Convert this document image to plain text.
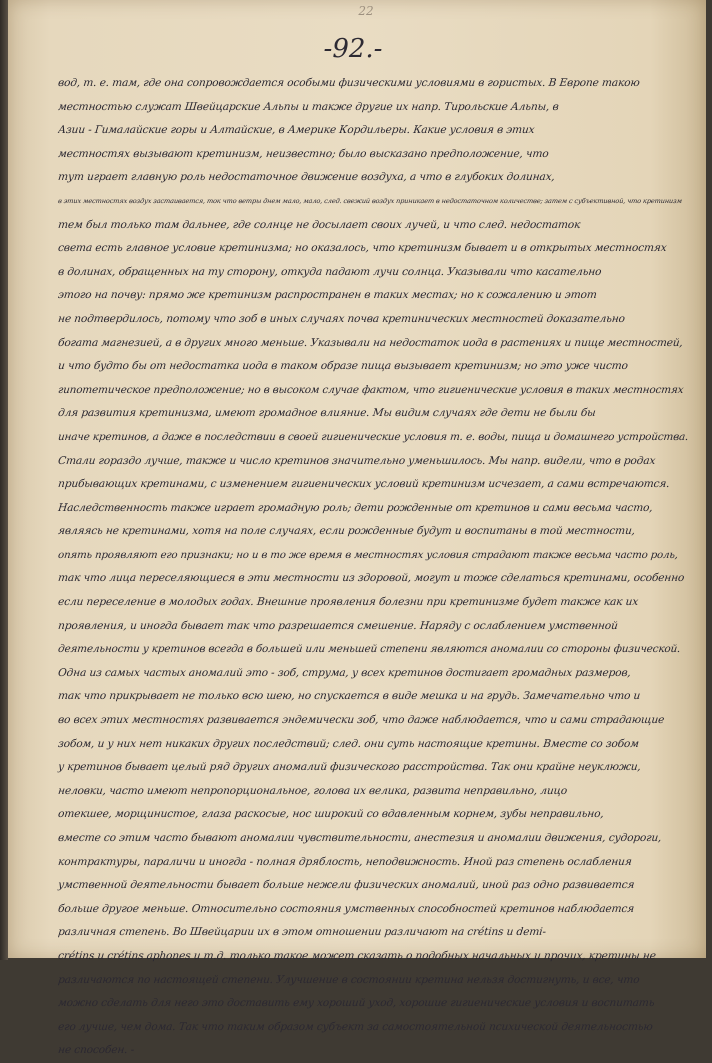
22
-92.-
вод, т. е. там, где она сопровождается особыми физическими условиями в гористых. В Европе такою
местностью служат Швейцарские Альпы и также другие их напр. Тирольские Альпы, в
Азии - Гималайские горы и Алтайские, в Америке Кордильеры. Какие условия в этих
местностях вызывают кретинизм, неизвестно; было высказано предположение, что
тут играет главную роль недостаточное движение воздуха, а что в глубоких долинах,
в этих местностях воздух застаивается, ток что ветры днем мало, мало, след. свежий воздух приникает в недостаточном количестве; затем с субъективной, что кретинизм
тем был только там дальнее, где солнце не досылает своих лучей, и что след. недостаток
света есть главное условие кретинизма; но оказалось, что кретинизм бывает и в открытых местностях
в долинах, обращенных на ту сторону, откуда падают лучи солнца. Указывали что касательно
этого на почву: прямо же кретинизм распространен в таких местах; но к сожалению и этот
не подтвердилось, потому что зоб в иных случаях почва кретинических местностей доказательно
богата магнезией, а в других много меньше. Указывали на недостаток иода в растениях и пище местностей,
и что будто бы от недостатка иода в таком образе пища вызывает кретинизм; но это уже чисто
гипотетическое предположение; но в высоком случае фактом, что гигиенические условия в таких местностях
для развития кретинизма, имеют громадное влияние. Мы видим случаях где дети не были бы
иначе кретинов, а даже в последствии в своей гигиенические условия т. е. воды, пища и домашнего устройства.
Стали гораздо лучше, также и число кретинов значительно уменьшилось. Мы напр. видели, что в родах
прибывающих кретинами, с изменением гигиенических условий кретинизм исчезает, а сами встречаются.
Наследственность также играет громадную роль; дети рожденные от кретинов и сами весьма часто,
являясь не кретинами, хотя на поле случаях, если рожденные будут и воспитаны в той местности,
опять проявляют его признаки; но и в то же время в местностях условия страдают также весьма часто роль,
так что лица переселяющиеся в эти местности из здоровой, могут и тоже сделаться кретинами, особенно
если переселение в молодых годах. Внешние проявления болезни при кретинизме будет также как их
проявления, и иногда бывает так что разрешается смешение. Наряду с ослаблением умственной
деятельности у кретинов всегда в большей или меньшей степени являются аномалии со стороны физической.
Одна из самых частых аномалий это - зоб, струма, у всех кретинов достигает громадных размеров,
так что прикрывает не только всю шею, но спускается в виде мешка и на грудь. Замечательно что и
во всех этих местностях развивается эндемически зоб, что даже наблюдается, что и сами страдающие
зобом, и у них нет никаких других последствий; след. они суть настоящие кретины. Вместе со зобом
у кретинов бывает целый ряд других аномалий физического расстройства. Так они крайне неуклюжи,
неловки, часто имеют непропорциональное, голова их велика, развита неправильно, лицо
отекшее, морщинистое, глаза раскосые, нос широкий со вдавленным корнем, зубы неправильно,
вместе со этим часто бывают аномалии чувствительности, анестезия и аномалии движения, судороги,
контрактуры, параличи и иногда - полная дряблость, неподвижность. Иной раз степень ослабления
умственной деятельности бывает больше нежели физических аномалий, иной раз одно развивается
больше другое меньше. Относительно состояния умственных способностей кретинов наблюдается
различная степень. Во Швейцарии их в этом отношении различают на crétins и demi-
crétins и crétins aphones и т.д. только такое может сказать о подобных начальных и прочих, кретины не
различаются по настоящей степени. Улучшение в состоянии кретина нельзя достигнуть, и все, что
можно сделать для него это доставить ему хороший уход, хорошие гигиенические условия и воспитать
его лучше, чем дома. Так что таким образом субъект за самостоятельной психической деятельностью
не способен. -
